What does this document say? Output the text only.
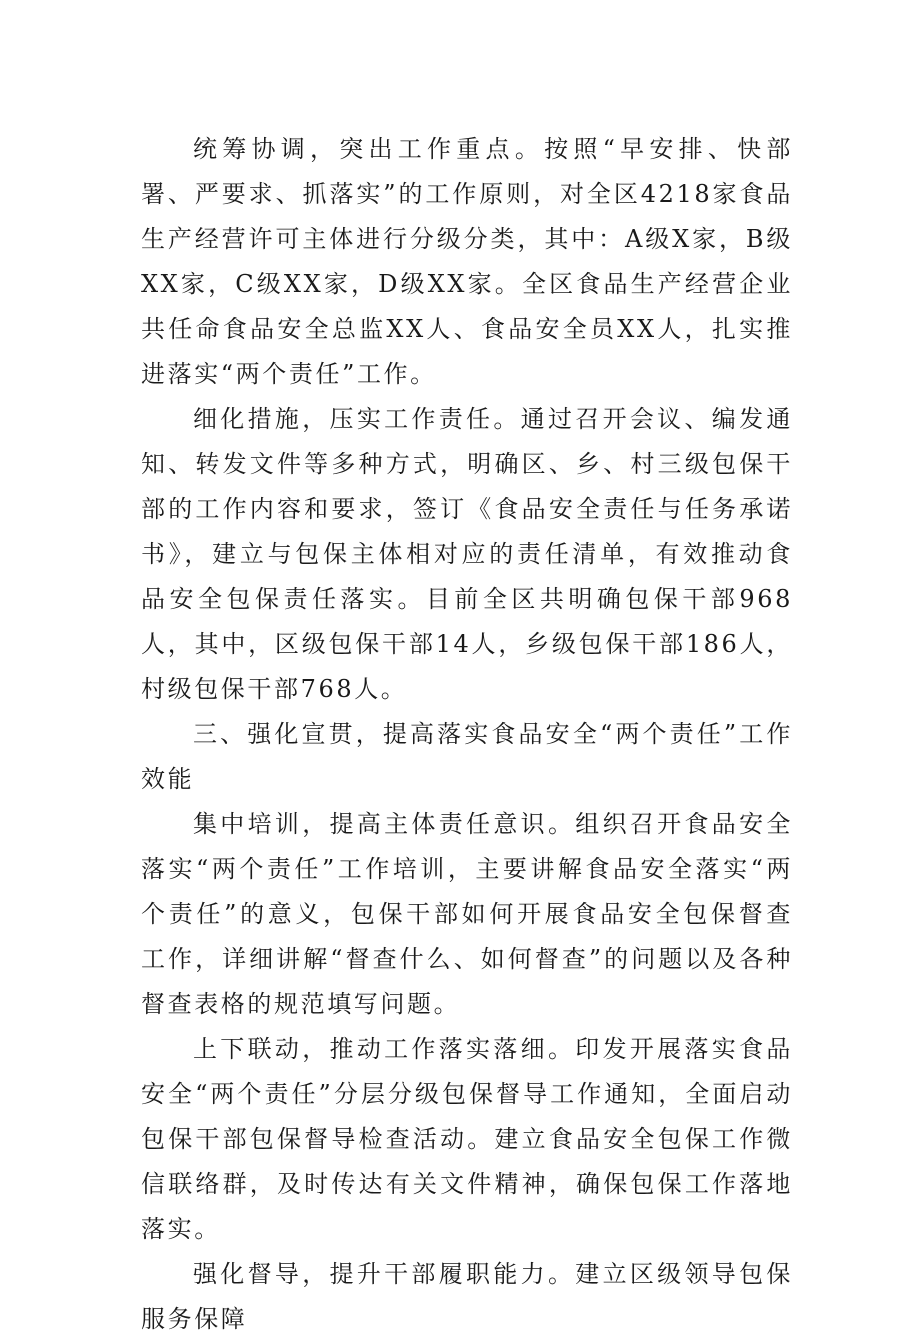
统筹协调，突出工作重点。按照“早安排、快部署、严要求、抓落实”的工作原则，对全区4218家食品生产经营许可主体进行分级分类，其中：A级X家，B级XX家，C级XX家，D级XX家。全区食品生产经营企业共任命食品安全总监XX人、食品安全员XX人，扎实推进落实“两个责任”工作。

细化措施，压实工作责任。通过召开会议、编发通知、转发文件等多种方式，明确区、乡、村三级包保干部的工作内容和要求，签订《食品安全责任与任务承诺书》，建立与包保主体相对应的责任清单，有效推动食品安全包保责任落实。目前全区共明确包保干部968人，其中，区级包保干部14人，乡级包保干部186人，村级包保干部768人。

三、强化宣贯，提高落实食品安全“两个责任”工作效能

集中培训，提高主体责任意识。组织召开食品安全落实“两个责任”工作培训，主要讲解食品安全落实“两个责任”的意义，包保干部如何开展食品安全包保督查工作，详细讲解“督查什么、如何督查”的问题以及各种督查表格的规范填写问题。

上下联动，推动工作落实落细。印发开展落实食品安全“两个责任”分层分级包保督导工作通知，全面启动包保干部包保督导检查活动。建立食品安全包保工作微信联络群，及时传达有关文件精神，确保包保工作落地落实。

强化督导，提升干部履职能力。建立区级领导包保服务保障
